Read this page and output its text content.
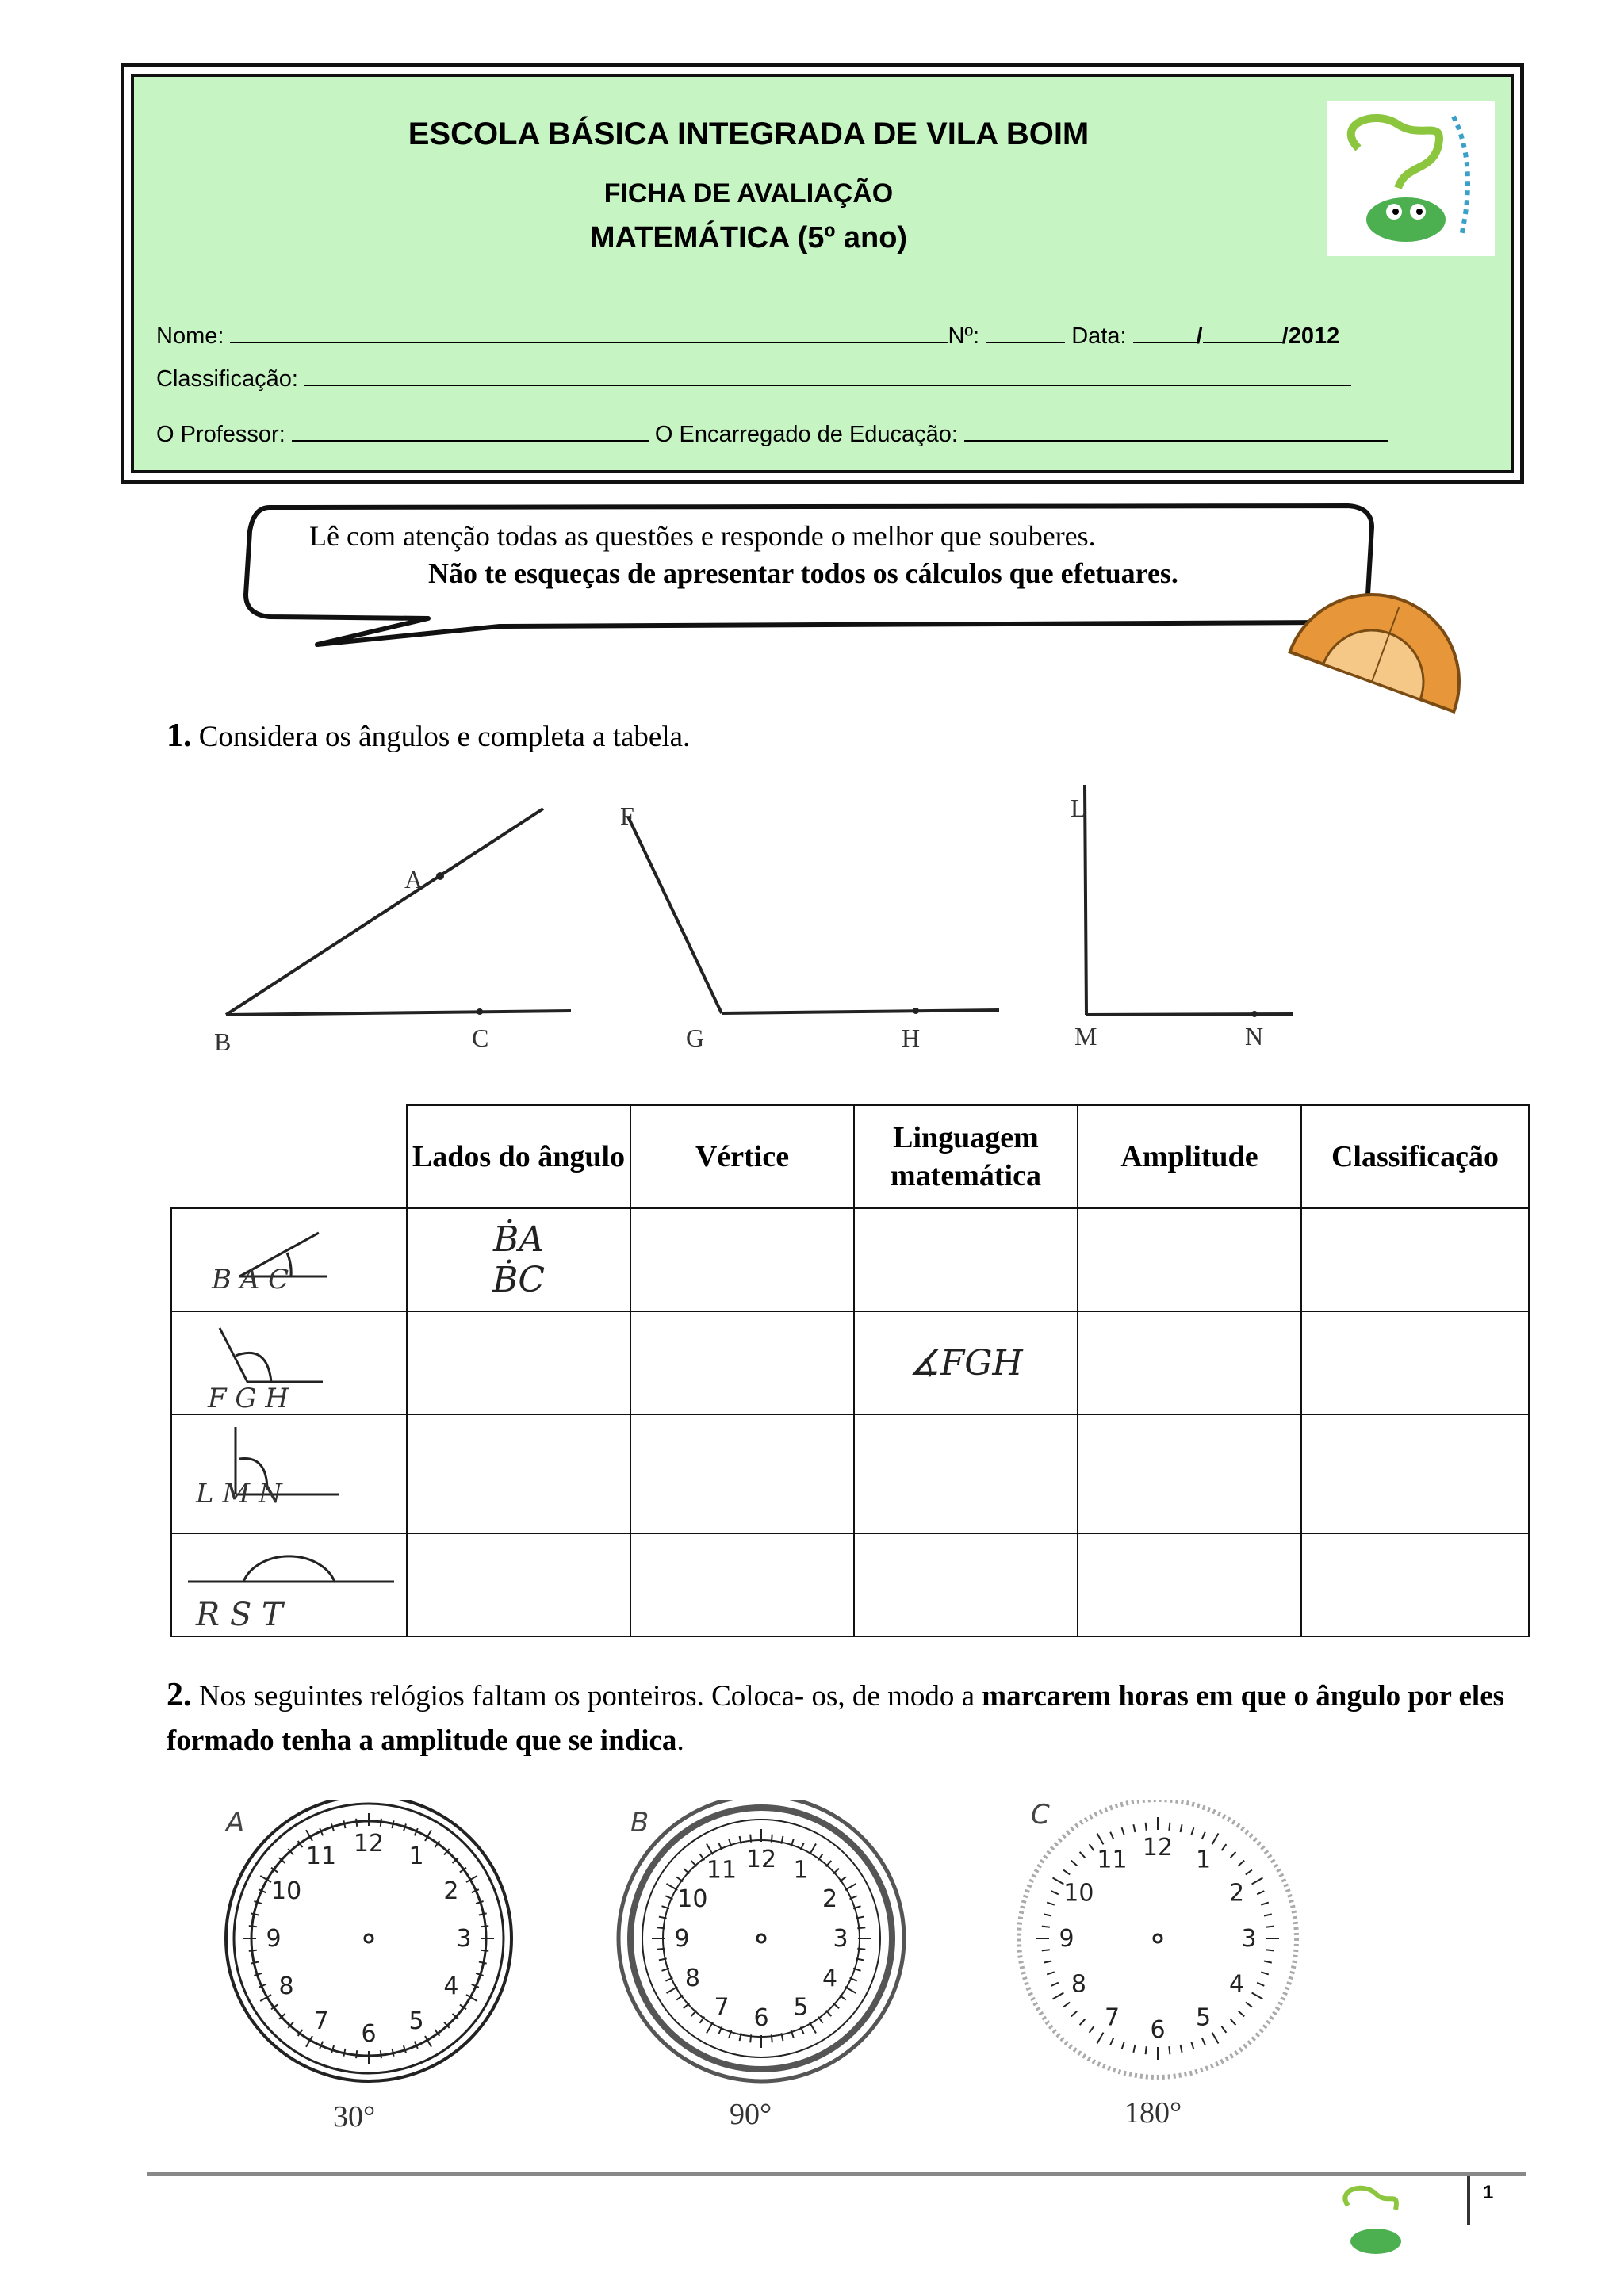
ESCOLA BÁSICA INTEGRADA DE VILA BOIM
FICHA DE AVALIAÇÃO
MATEMÁTICA (5º ano)
Nome:	Nº:	Data:	/	/2012
Classificação:
O Professor:	O Encarregado de Educação:
Lê com atenção todas as questões e responde o melhor que souberes.
Não te esqueças de apresentar todos os cálculos que efetuares.
1. Considera os ângulos e completa a tabela.
A
B	C
F
G	H
L
M	N
	Lados do ângulo	Vértice	Linguagem matemática	Amplitude	Classificação

B A C	ḂA
ḂC				

F G H			∡FGH		

L M N					

R S T					

2. Nos seguintes relógios faltam os ponteiros. Coloca- os, de modo a marcarem horas em que o ângulo por eles formado tenha a amplitude que se indica.
A	B	C
1
2
3
4
5
6
7
8
9
10
11 12
1
2
3
4
5
6
7
8
9
10
11 12	1
2
3
4
5
6
7
8
9
10
11 12
30°	90°	180°
1
